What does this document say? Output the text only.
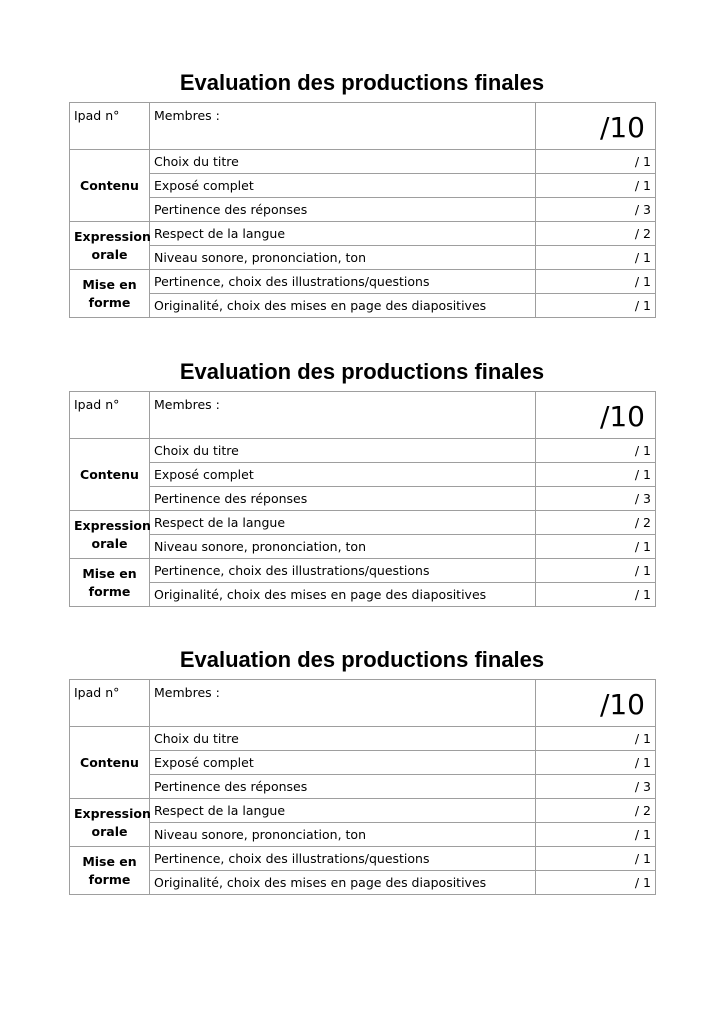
Evaluation des productions finales
Ipad n°	Membres :	/10
Contenu	Choix du titre	/ 1
	Exposé complet	/ 1
	Pertinence des réponses	/ 3
Expression orale	Respect de la langue	/ 2
	Niveau sonore, prononciation, ton	/ 1
Mise en forme	Pertinence, choix des illustrations/questions	/ 1
	Originalité, choix des mises en page des diapositives	/ 1
Evaluation des productions finales
Ipad n°	Membres :	/10
Contenu	Choix du titre	/ 1
	Exposé complet	/ 1
	Pertinence des réponses	/ 3
Expression orale	Respect de la langue	/ 2
	Niveau sonore, prononciation, ton	/ 1
Mise en forme	Pertinence, choix des illustrations/questions	/ 1
	Originalité, choix des mises en page des diapositives	/ 1
Evaluation des productions finales
Ipad n°	Membres :	/10
Contenu	Choix du titre	/ 1
	Exposé complet	/ 1
	Pertinence des réponses	/ 3
Expression orale	Respect de la langue	/ 2
	Niveau sonore, prononciation, ton	/ 1
Mise en forme	Pertinence, choix des illustrations/questions	/ 1
	Originalité, choix des mises en page des diapositives	/ 1
